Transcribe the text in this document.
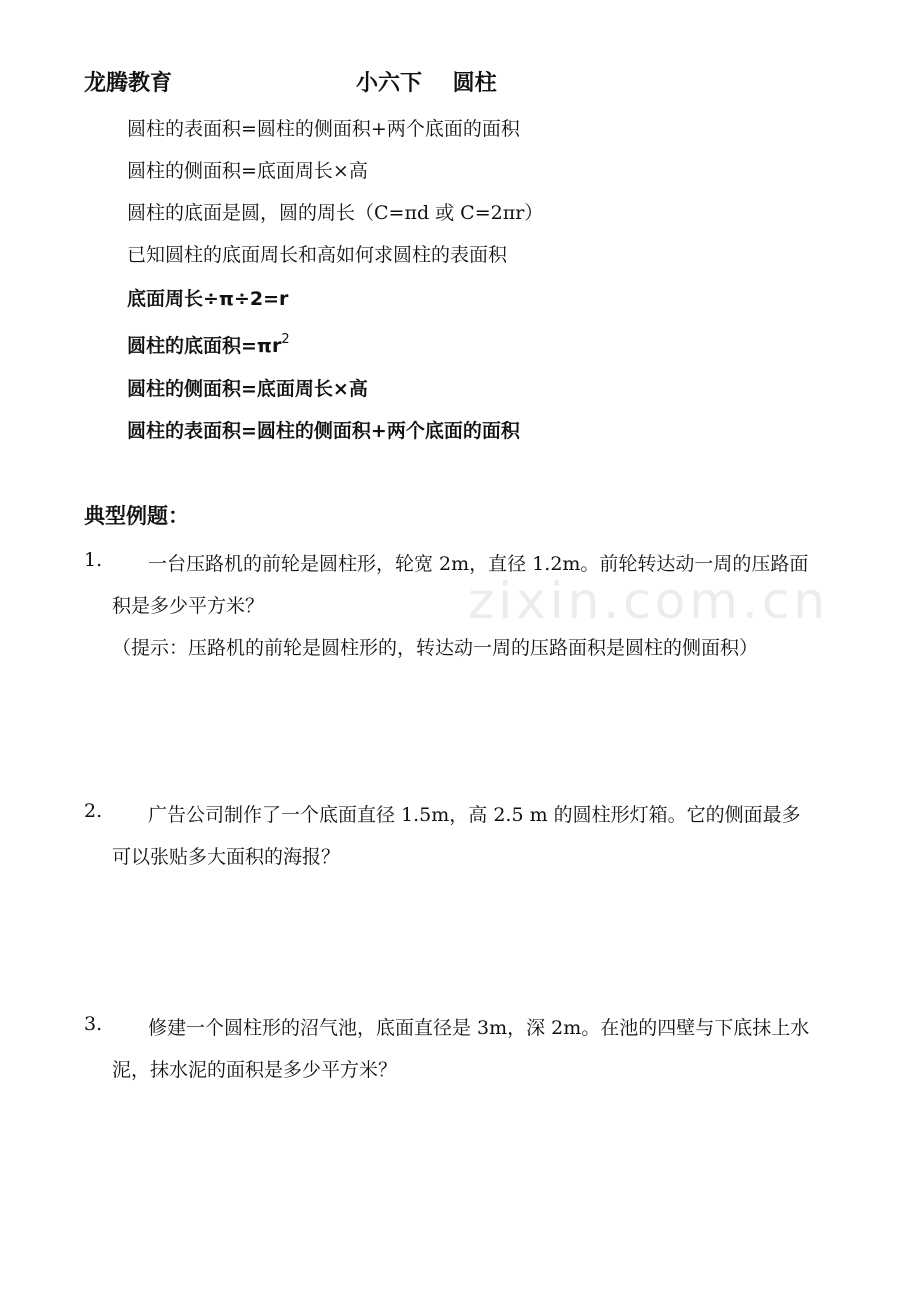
龙腾教育	小六下    圆柱
圆柱的表面积=圆柱的侧面积+两个底面的面积
圆柱的侧面积=底面周长×高
圆柱的底面是圆，圆的周长（C=πd 或 C=2πr）
已知圆柱的底面周长和高如何求圆柱的表面积
底面周长÷π÷2=r
圆柱的底面积$=\pi r^2$
圆柱的侧面积=底面周长×高
圆柱的表面积=圆柱的侧面积+两个底面的面积
典型例题：
zixin.com.cn
1. 一台压路机的前轮是圆柱形，轮宽 2m，直径 1.2m。前轮转达动一周的压路面
积是多少平方米？
（提示：压路机的前轮是圆柱形的，转达动一周的压路面积是圆柱的侧面积）
2. 广告公司制作了一个底面直径 1.5m，高 2.5 m 的圆柱形灯箱。它的侧面最多
可以张贴多大面积的海报？
3. 修建一个圆柱形的沼气池，底面直径是 3m，深 2m。在池的四壁与下底抹上水
泥，抹水泥的面积是多少平方米？
